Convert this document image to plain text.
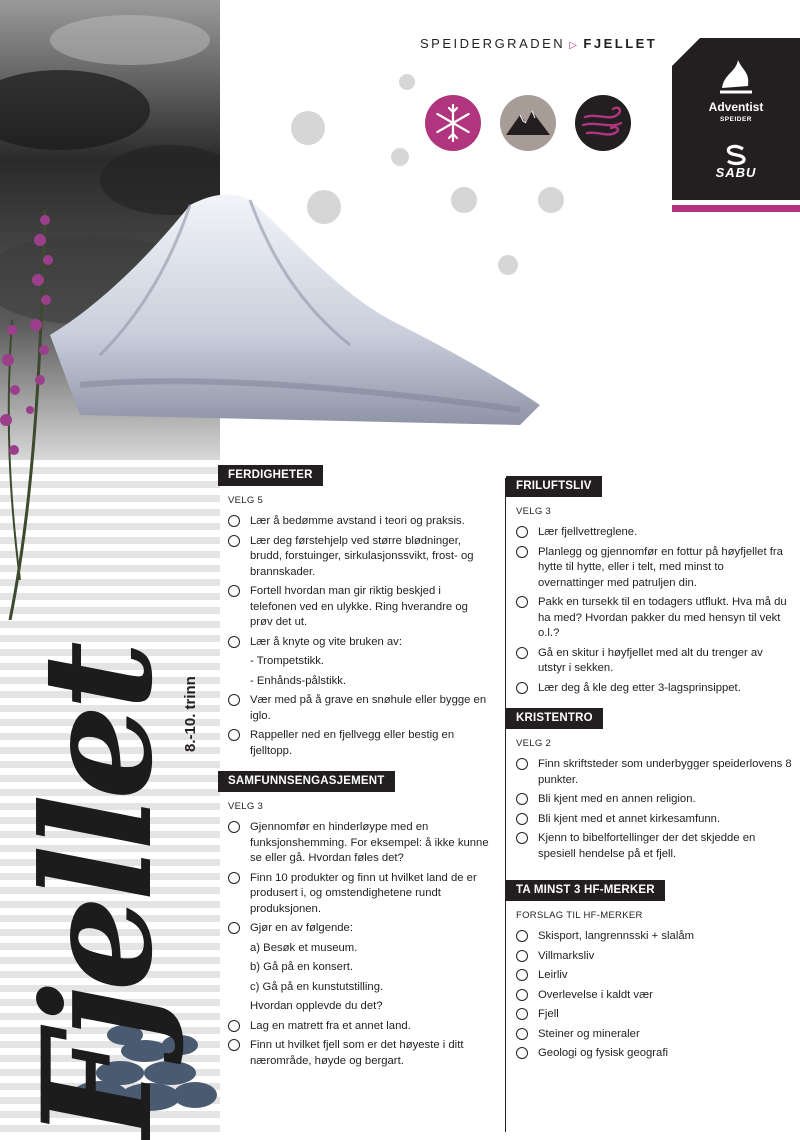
Fjellet
8.-10. trinn
SPEIDERGRADEN ▷ FJELLET
Adventist
SPEIDER
SABU
FERDIGHETER
VELG 5
Lær å bedømme avstand i teori og praksis.
Lær deg førstehjelp ved større blødninger, brudd, forstuinger, sirkulasjonssvikt, frost- og brannskader.
Fortell hvordan man gir riktig beskjed i telefonen ved en ulykke. Ring hverandre og prøv det ut.
Lær å knyte og vite bruken av:
- Trompetstikk.
- Enhånds-pålstikk.
Vær med på å grave en snøhule eller bygge en iglo.
Rappeller ned en fjellvegg eller bestig en fjelltopp.
SAMFUNNSENGASJEMENT
VELG 3
Gjennomfør en hinderløype med en funksjonshemming. For eksempel: å ikke kunne se eller gå. Hvordan føles det?
Finn 10 produkter og finn ut hvilket land de er produsert i, og omstendighetene rundt produksjonen.
Gjør en av følgende:
a) Besøk et museum.
b) Gå på en konsert.
c) Gå på en kunstutstilling.
Hvordan opplevde du det?
Lag en matrett fra et annet land.
Finn ut hvilket fjell som er det høyeste i ditt nærområde, høyde og bergart.
FRILUFTSLIV
VELG 3
Lær fjellvettreglene.
Planlegg og gjennomfør en fottur på høyfjellet fra hytte til hytte, eller i telt, med minst to overnattinger med patruljen din.
Pakk en tursekk til en todagers utflukt. Hva må du ha med? Hvordan pakker du med hensyn til vekt o.l.?
Gå en skitur i høyfjellet med alt du trenger av utstyr i sekken.
Lær deg å kle deg etter 3-lagsprinsippet.
KRISTENTRO
VELG 2
Finn skriftsteder som underbygger speiderlovens 8 punkter.
Bli kjent med en annen religion.
Bli kjent med et annet kirkesamfunn.
Kjenn to bibelfortellinger der det skjedde en spesiell hendelse på et fjell.
TA MINST 3 HF-MERKER
FORSLAG TIL HF-MERKER
Skisport, langrennsski + slalåm
Villmarksliv
Leirliv
Overlevelse i kaldt vær
Fjell
Steiner og mineraler
Geologi og fysisk geografi
